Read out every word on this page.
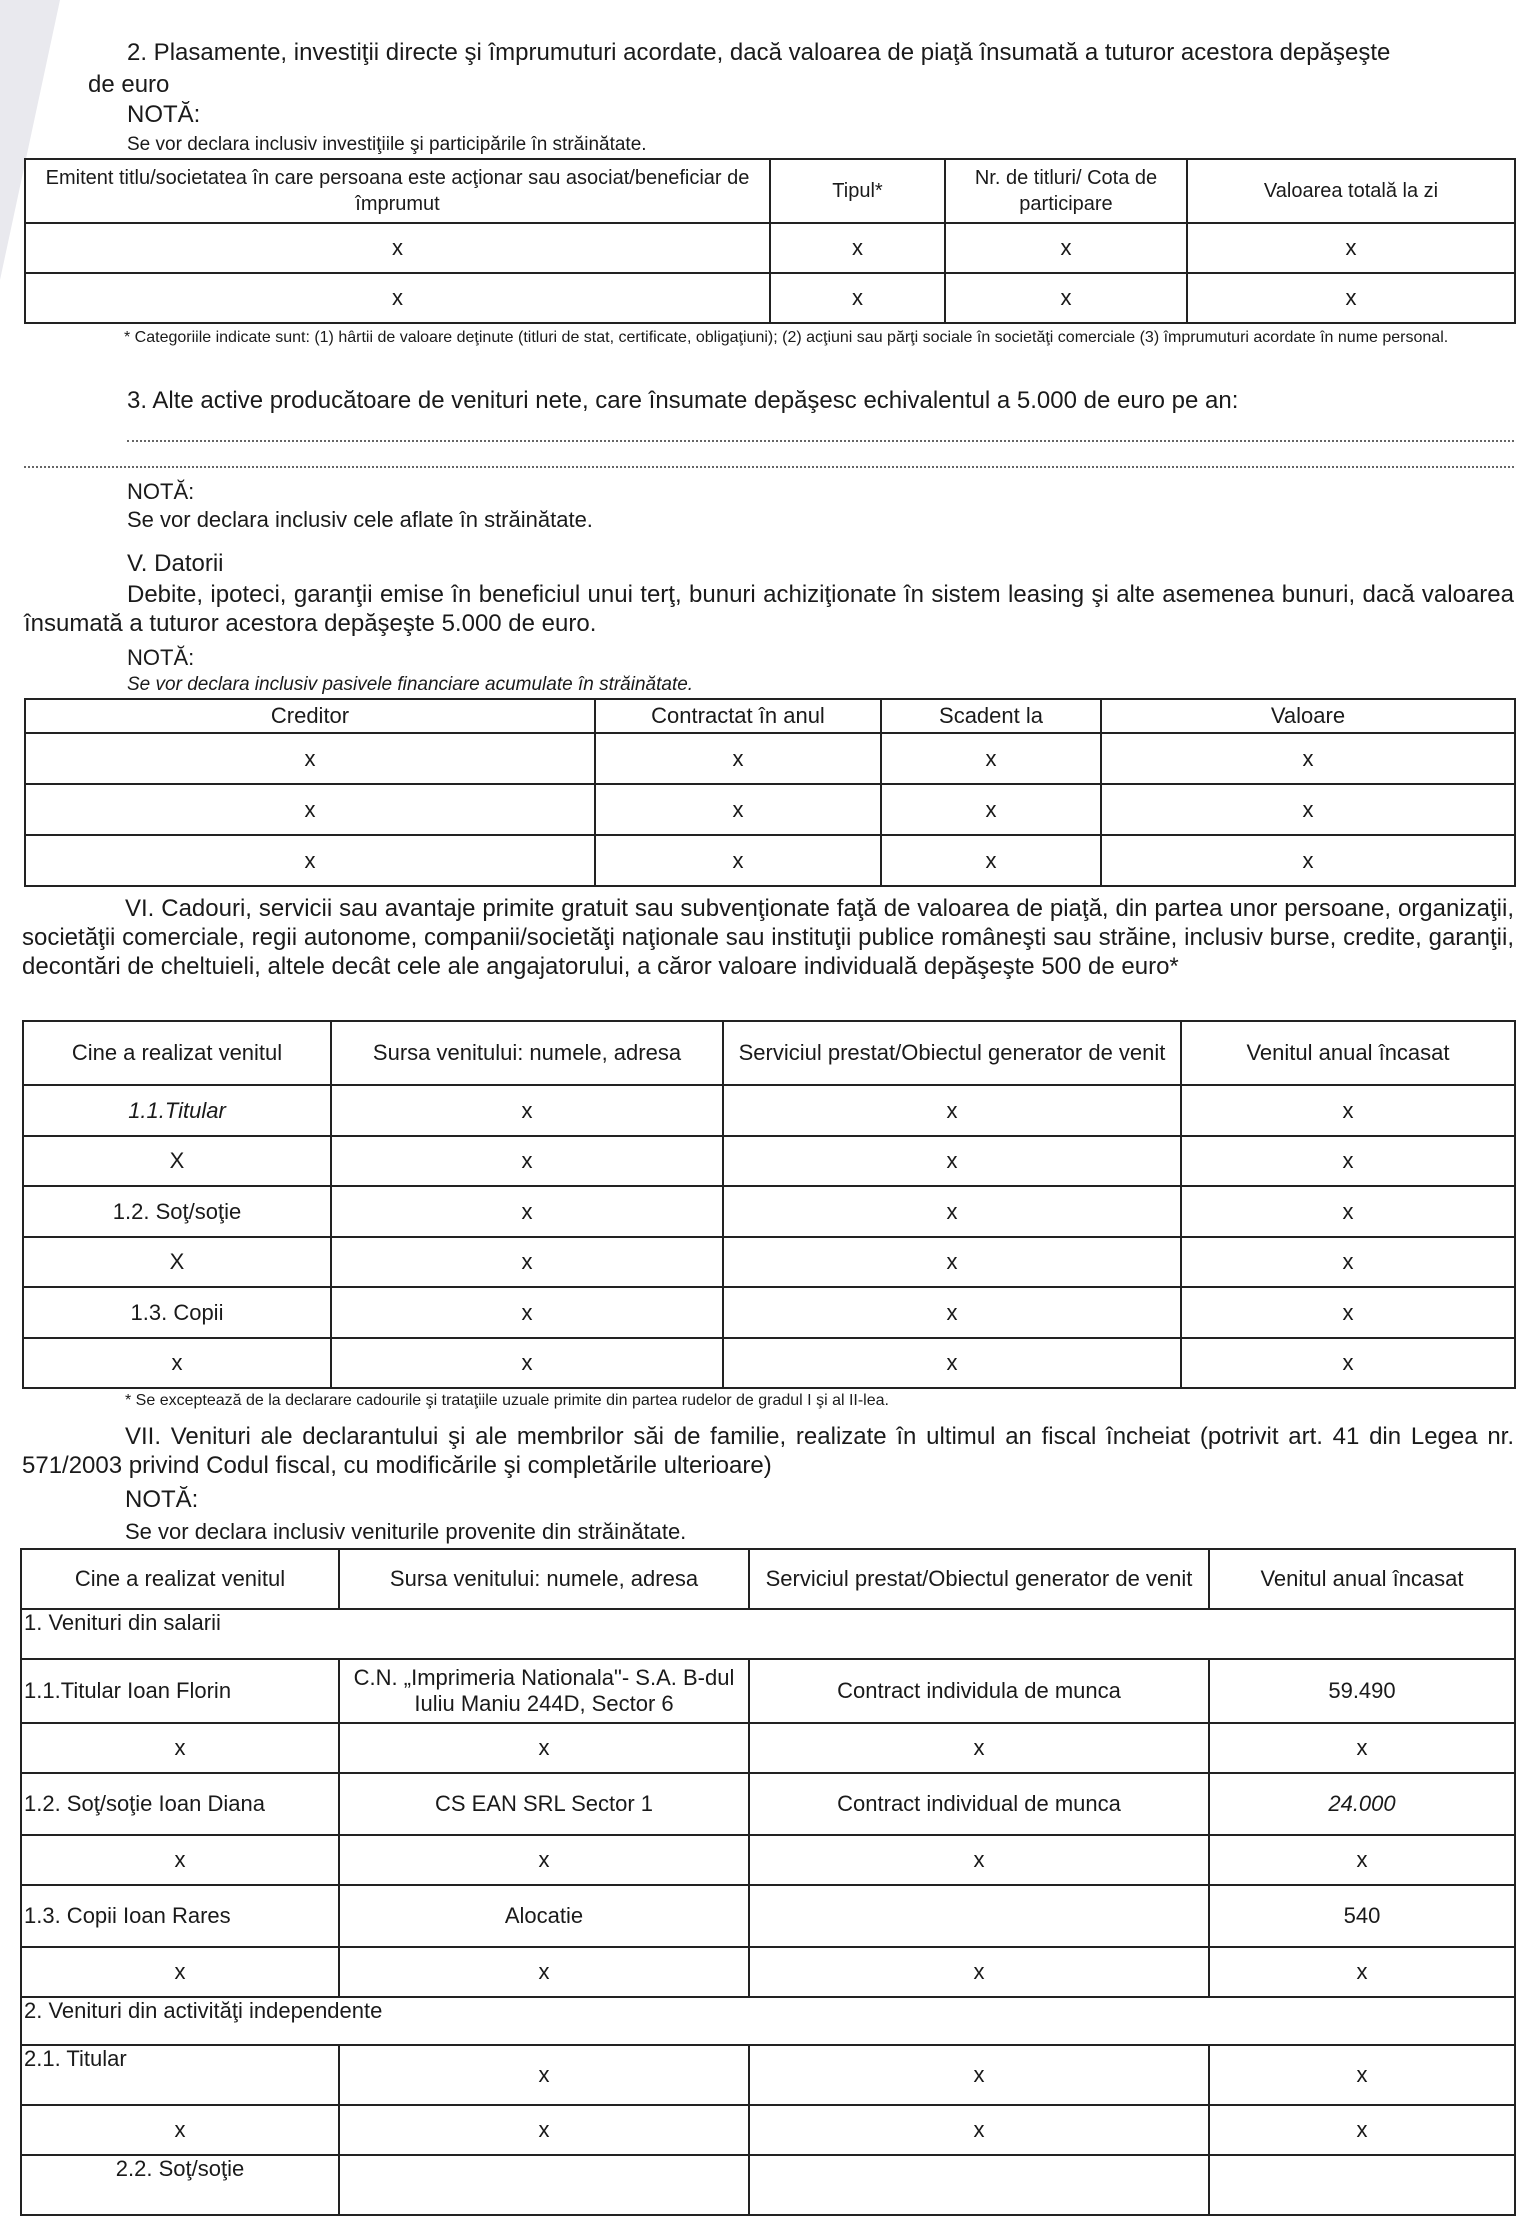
2. Plasamente, investiţii directe şi împrumuturi acordate, dacă valoarea de piaţă însumată a tuturor acestora depăşeşte
de euro
NOTĂ:
Se vor declara inclusiv investiţiile şi participările în străinătate.
Emitent titlu/societatea în care persoana este acţionar sau asociat/beneficiar de împrumut	Tipul*	Nr. de titluri/ Cota de participare	Valoarea totală la zi
x	x	x	x
x	x	x	x
* Categoriile indicate sunt: (1) hârtii de valoare deţinute (titluri de stat, certificate, obligaţiuni); (2) acţiuni sau părţi sociale în societăţi comerciale (3) împrumuturi acordate în nume personal.
3. Alte active producătoare de venituri nete, care însumate depăşesc echivalentul a 5.000 de euro pe an:
NOTĂ:
Se vor declara inclusiv cele aflate în străinătate.
V. Datorii
Debite, ipoteci, garanţii emise în beneficiul unui terţ, bunuri achiziţionate în sistem leasing şi alte asemenea bunuri, dacă valoarea însumată a tuturor acestora depăşeşte 5.000 de euro.
NOTĂ:
Se vor declara inclusiv pasivele financiare acumulate în străinătate.
Creditor	Contractat în anul	Scadent la	Valoare
x	x	x	x
x	x	x	x
x	x	x	x
VI. Cadouri, servicii sau avantaje primite gratuit sau subvenţionate faţă de valoarea de piaţă, din partea unor persoane, organizaţii, societăţii comerciale, regii autonome, companii/societăţi naţionale sau instituţii publice româneşti sau străine, inclusiv burse, credite, garanţii, decontări de cheltuieli, altele decât cele ale angajatorului, a căror valoare individuală depăşeşte 500 de euro*
Cine a realizat venitul	Sursa venitului: numele, adresa	Serviciul prestat/Obiectul generator de venit	Venitul anual încasat
1.1.Titular	x	x	x
X	x	x	x
1.2. Soţ/soţie	x	x	x
X	x	x	x
1.3. Copii	x	x	x
x	x	x	x
* Se exceptează de la declarare cadourile şi trataţiile uzuale primite din partea rudelor de gradul I şi al II-lea.
VII. Venituri ale declarantului şi ale membrilor săi de familie, realizate în ultimul an fiscal încheiat (potrivit art. 41 din Legea nr. 571/2003 privind Codul fiscal, cu modificările şi completările ulterioare)
NOTĂ:
Se vor declara inclusiv veniturile provenite din străinătate.
Cine a realizat venitul	Sursa venitului: numele, adresa	Serviciul prestat/Obiectul generator de venit	Venitul anual încasat
1. Venituri din salarii			
1.1.Titular Ioan Florin	C.N. „Imprimeria Nationala"- S.A. B-dul Iuliu Maniu 244D, Sector 6	Contract individula de munca	59.490
x	x	x	x
1.2. Soţ/soţie Ioan Diana	CS EAN SRL Sector 1	Contract individual de munca	24.000
x	x	x	x
1.3. Copii Ioan Rares	Alocatie		540
x	x	x	x
2. Venituri din activităţi independente			
2.1. Titular	x	x	x
x	x	x	x
2.2. Soţ/soţie			
